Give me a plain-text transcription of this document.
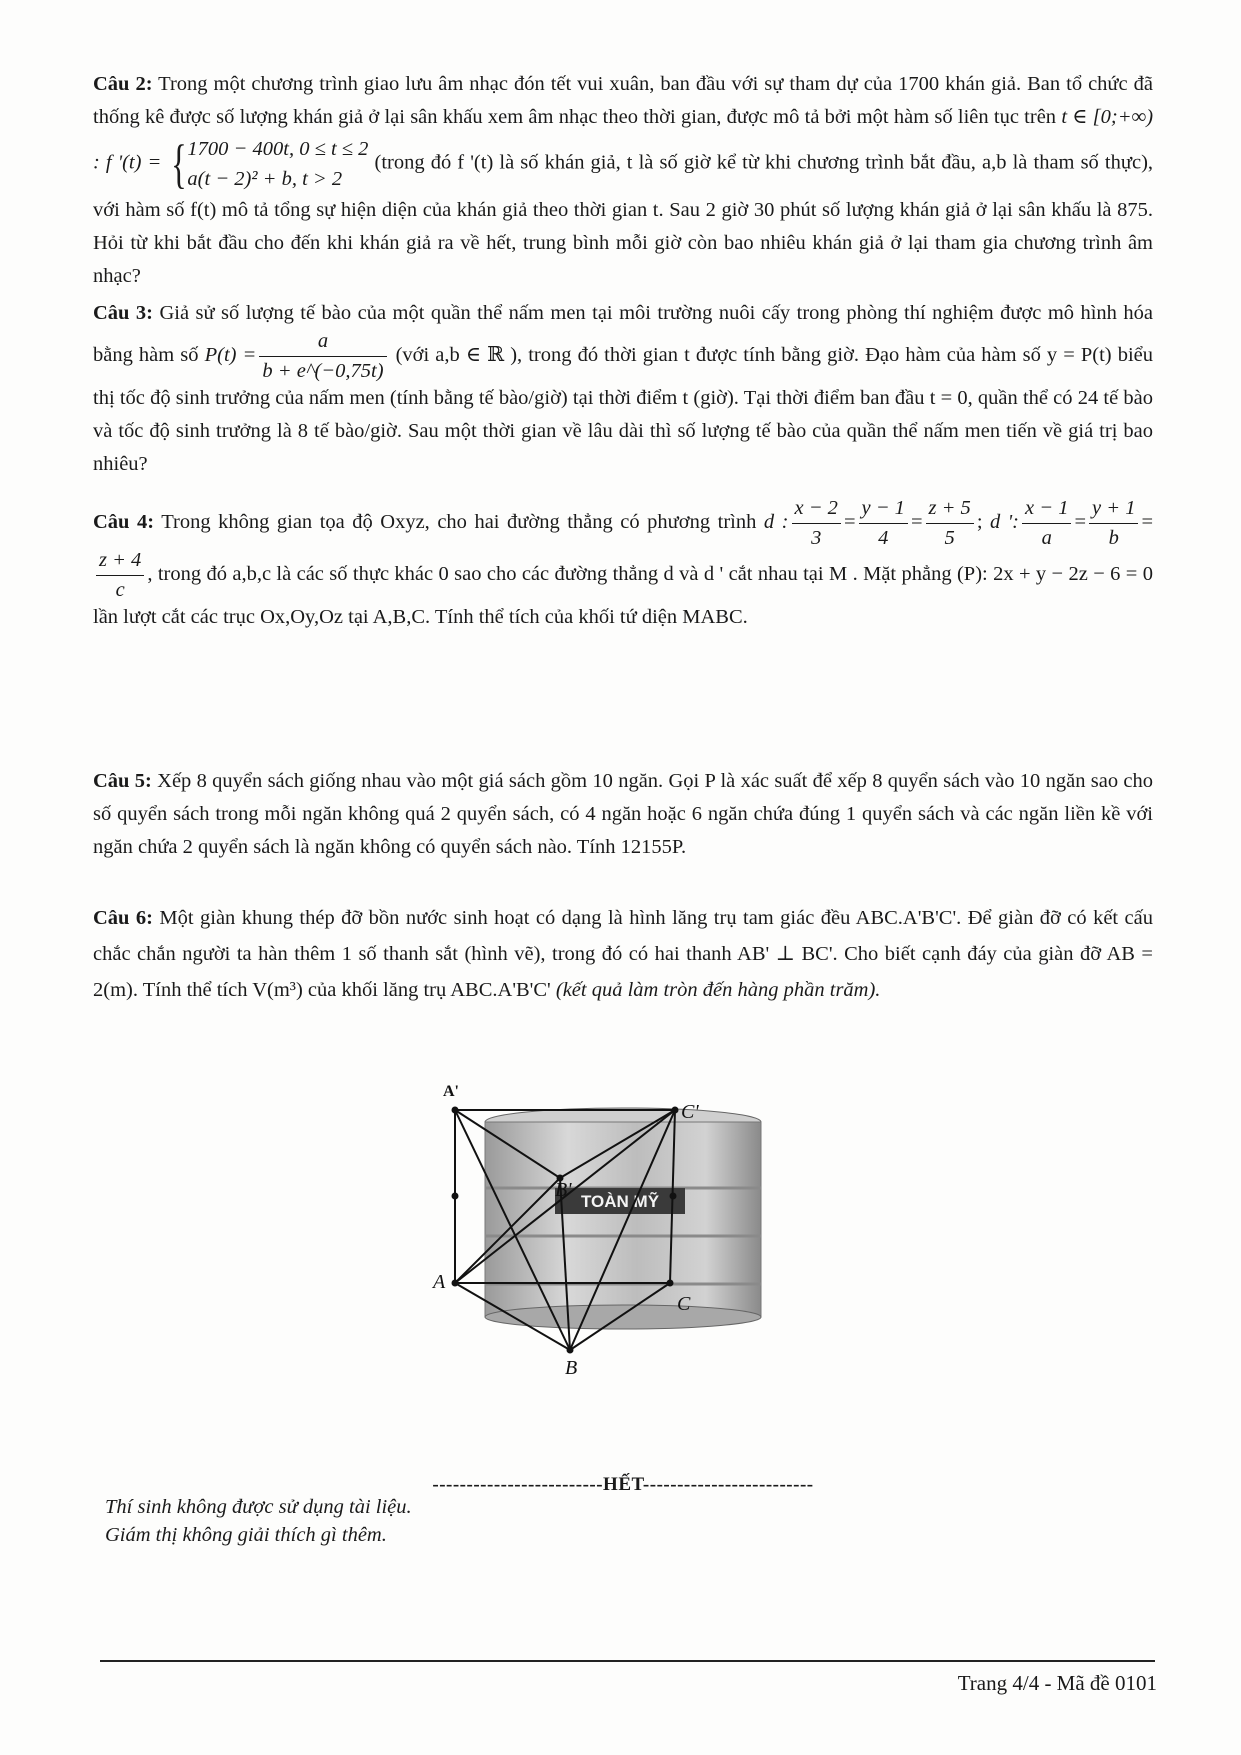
Câu 2: Trong một chương trình giao lưu âm nhạc đón tết vui xuân, ban đầu với sự tham dự của 1700 khán giả. Ban tổ chức đã thống kê được số lượng khán giả ở lại sân khấu xem âm nhạc theo thời gian, được mô tả bởi một hàm số liên tục trên t ∈ [0;+∞) : f '(t) = { 1700 − 400t, 0 ≤ t ≤ 2
a(t − 2)² + b, t > 2
(trong đó f '(t) là số khán giả, t là số giờ kể từ khi chương trình bắt đầu, a,b là tham số thực), với hàm số f(t) mô tả tổng sự hiện diện của khán giả theo thời gian t. Sau 2 giờ 30 phút số lượng khán giả ở lại sân khấu là 875. Hỏi từ khi bắt đầu cho đến khi khán giả ra về hết, trung bình mỗi giờ còn bao nhiêu khán giả ở lại tham gia chương trình âm nhạc?
Câu 3: Giả sử số lượng tế bào của một quần thể nấm men tại môi trường nuôi cấy trong phòng thí nghiệm được mô hình hóa bằng hàm số $P(t) = \frac{a}{b + e\^{}(-0,75t)}$ (với a,b ∈ ℝ ), trong đó thời gian t được tính bằng giờ. Đạo hàm của hàm số y = P(t) biểu thị tốc độ sinh trưởng của nấm men (tính bằng tế bào/giờ) tại thời điểm t (giờ). Tại thời điểm ban đầu t = 0, quần thể có 24 tế bào và tốc độ sinh trưởng là 8 tế bào/giờ. Sau một thời gian về lâu dài thì số lượng tế bào của quần thể nấm men tiến về giá trị bao nhiêu?
Câu 4: Trong không gian tọa độ Oxyz, cho hai đường thẳng có phương trình d : $\frac{x - 2}{3} = \frac{y - 1}{4} = \frac{z + 5}{5}$ ; d ': $\frac{x - 1}{a} = \frac{y + 1}{b}$ =
$\frac{z + 4}{c}$ , trong đó a,b,c là các số thực khác 0 sao cho các đường thẳng d và d ' cắt nhau tại M . Mặt phẳng (P): 2x + y − 2z − 6 = 0 lần lượt cắt các trục Ox,Oy,Oz tại A,B,C. Tính thể tích của khối tứ diện MABC.
Câu 5: Xếp 8 quyển sách giống nhau vào một giá sách gồm 10 ngăn. Gọi P là xác suất để xếp 8 quyển sách vào 10 ngăn sao cho số quyển sách trong mỗi ngăn không quá 2 quyển sách, có 4 ngăn hoặc 6 ngăn chứa đúng 1 quyển sách và các ngăn liền kề với ngăn chứa 2 quyển sách là ngăn không có quyển sách nào. Tính 12155P.
Câu 6: Một giàn khung thép đỡ bồn nước sinh hoạt có dạng là hình lăng trụ tam giác đều ABC.A'B'C'. Để giàn đỡ có kết cấu chắc chắn người ta hàn thêm 1 số thanh sắt (hình vẽ), trong đó có hai thanh AB' ⊥ BC'. Cho biết cạnh đáy của giàn đỡ AB = 2(m). Tính thể tích V(m³) của khối lăng trụ ABC.A'B'C' (kết quả làm tròn đến hàng phần trăm).
TOÀN MỸ
A'
B'
C'
A
C
B
-------------------------HẾT-------------------------
Thí sinh không được sử dụng tài liệu.
Giám thị không giải thích gì thêm.
Trang 4/4 - Mã đề 0101
